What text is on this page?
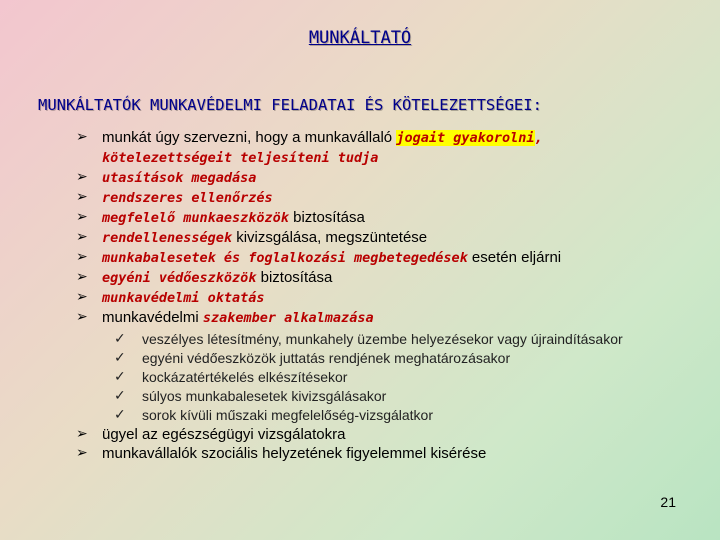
MUNKÁLTATÓ
MUNKÁLTATÓK MUNKAVÉDELMI FELADATAI ÉS KÖTELEZETTSÉGEI:
➢ munkát úgy szervezni, hogy a munkavállaló jogait gyakorolni,
kötelezettségeit teljesíteni tudja
➢ utasítások megadása
➢ rendszeres ellenőrzés
➢ megfelelő munkaeszközök biztosítása
➢ rendellenességek kivizsgálása, megszüntetése
➢ munkabalesetek és foglalkozási megbetegedések esetén eljárni
➢ egyéni védőeszközök biztosítása
➢ munkavédelmi oktatás
➢ munkavédelmi szakember alkalmazása
✓ veszélyes létesítmény, munkahely üzembe helyezésekor vagy újraindításakor
✓ egyéni védőeszközök juttatás rendjének meghatározásakor
✓ kockázatértékelés elkészítésekor
✓ súlyos munkabalesetek kivizsgálásakor
✓ sorok kívüli műszaki megfelelőség-vizsgálatkor
➢ ügyel az egészségügyi vizsgálatokra
➢ munkavállalók szociális helyzetének figyelemmel kisérése
21
